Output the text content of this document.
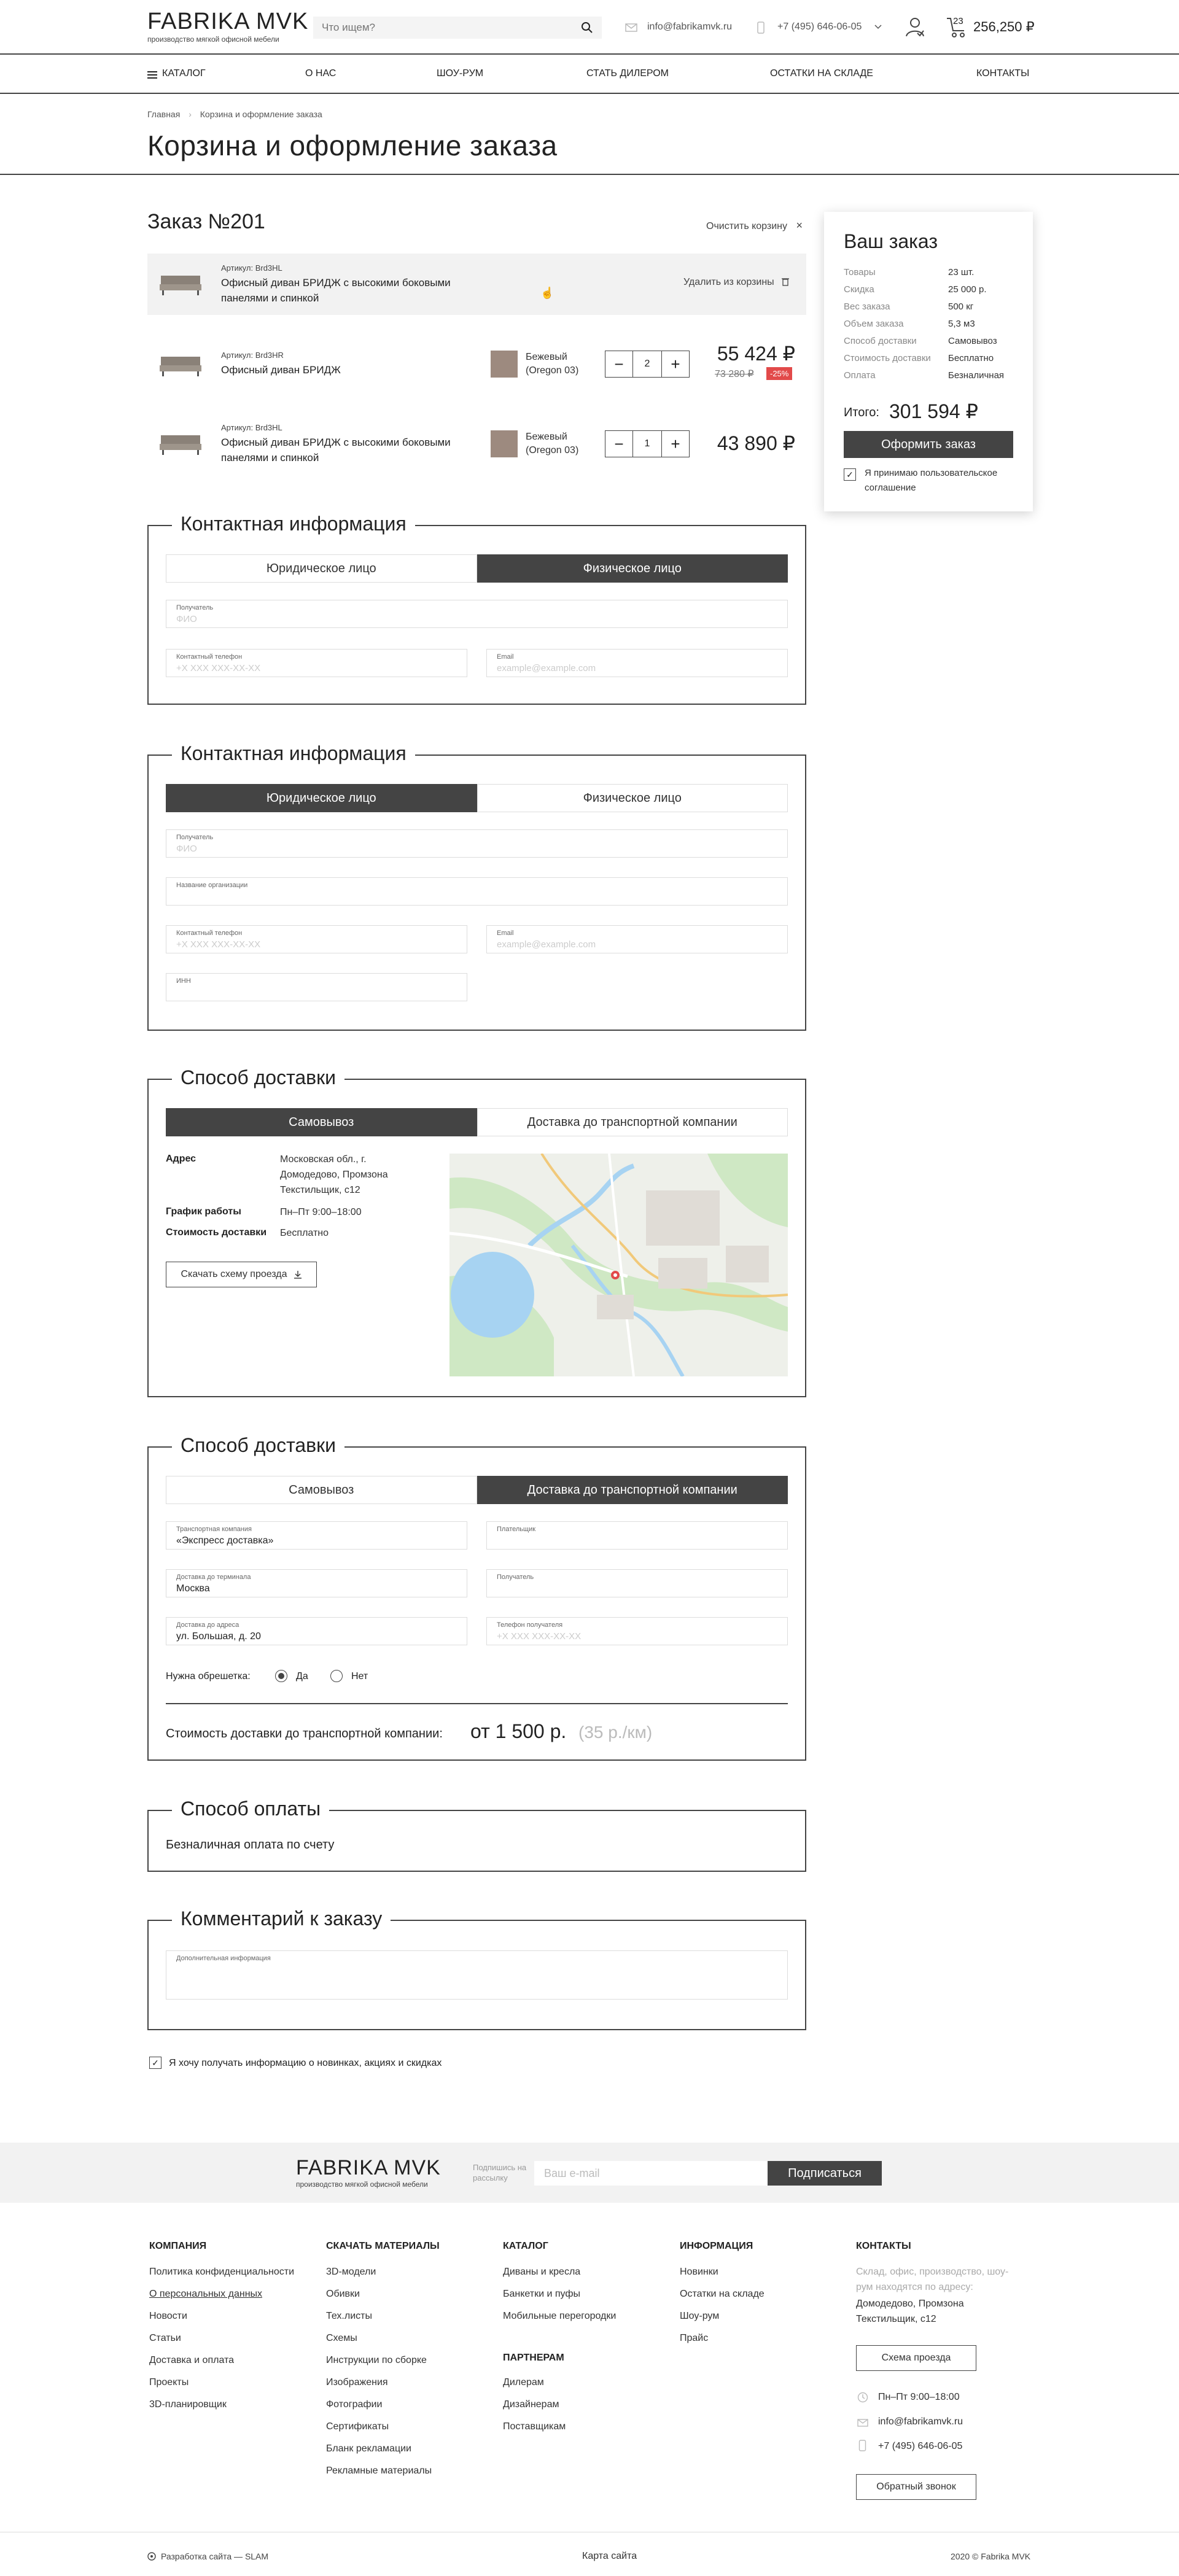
FABRIKA MVK
производство мягкой офисной мебели
Что ищем?
info@fabrikamvk.ru	+7 (495) 646-06-05
23 256,250 ₽
КАТАЛОГ	О НАС	ШОУ-РУМ	СТАТЬ ДИЛЕРОМ	ОСТАТКИ НА СКЛАДЕ	КОНТАКТЫ
Главная › Корзина и оформление заказа
Корзина и оформление заказа
Заказ №201	Очистить корзину ×
Артикул: Brd3HL
Офисный диван БРИДЖ с высокими боковыми панелями и спинкой	☝
Удалить из корзины
Артикул: Brd3HR
Офисный диван БРИДЖ
Бежевый (Oregon 03)	−	2	+	55 424 ₽
73 280 ₽	-25%
Артикул: Brd3HL
Офисный диван БРИДЖ с высокими боковыми панелями и спинкой
Бежевый (Oregon 03)	−	1	+	43 890 ₽
Ваш заказ
Товары	23 шт.
Скидка	25 000 р.
Вес заказа	500 кг
Объем заказа	5,3 м3
Способ доставки	Самовывоз
Стоимость доставки Бесплатно
Оплата	Безналичная
Итого: 301 594 ₽
Оформить заказ
✓ Я принимаю пользовательское соглашение
Контактная информация
Юридическое лицо	Физическое лицо
Получатель
ФИО
Контактный телефон
+X XXX XXX-XX-XX
Email
example@example.com
Контактная информация
Юридическое лицо	Физическое лицо
Получатель
ФИО
Название организации
Контактный телефон
+X XXX XXX-XX-XX
Email
example@example.com
ИНН
Способ доставки
Самовывоз	Доставка до транспортной компании
Адрес	Московская обл., г. Домодедово, Промзона Текстильщик, с12
График работы	Пн–Пт 9:00–18:00
Стоимость доставки Бесплатно
Скачать схему проезда
Способ доставки
Самовывоз	Доставка до транспортной компании
Транспортная компания
«Экспресс доставка»
Плательщик
Доставка до терминала
Москва
Получатель
Доставка до адреса
ул. Большая, д. 20
Телефон получателя
+X XXX XXX-XX-XX
Нужна обрешетка:	Да	Нет
Стоимость доставки до транспортной компании: от 1 500 р. (35 р./км)
Способ оплаты
Безналичная оплата по счету
Комментарий к заказу
Дополнительная информация
✓ Я хочу получать информацию о новинках, акциях и скидках
FABRIKA MVK
производство мягкой офисной мебели
Подпишись на рассылку	Ваш e-mail	Подписаться
КОМПАНИЯ
Политика конфиденциальности
О персональных данных
Новости
Статьи
Доставка и оплата
Проекты
3D-планировщик
СКАЧАТЬ МАТЕРИАЛЫ
3D-модели
Обивки
Тех.листы
Схемы
Инструкции по сборке
Изображения
Фотографии
Сертификаты
Бланк рекламации
Рекламные материалы
КАТАЛОГ
Диваны и кресла
Банкетки и пуфы
Мобильные перегородки
ПАРТНЕРАМ
Дилерам
Дизайнерам
Поставщикам
ИНФОРМАЦИЯ
Новинки
Остатки на складе
Шоу-рум
Прайс
КОНТАКТЫ
Склад, офис, производство, шоу-рум находятся по адресу:
Домодедово, Промзона Текстильщик, с12
Схема проезда
Пн–Пт 9:00–18:00
info@fabrikamvk.ru
+7 (495) 646-06-05
Обратный звонок
Разработка сайта — SLAM	Карта сайта	2020 © Fabrika MVK
